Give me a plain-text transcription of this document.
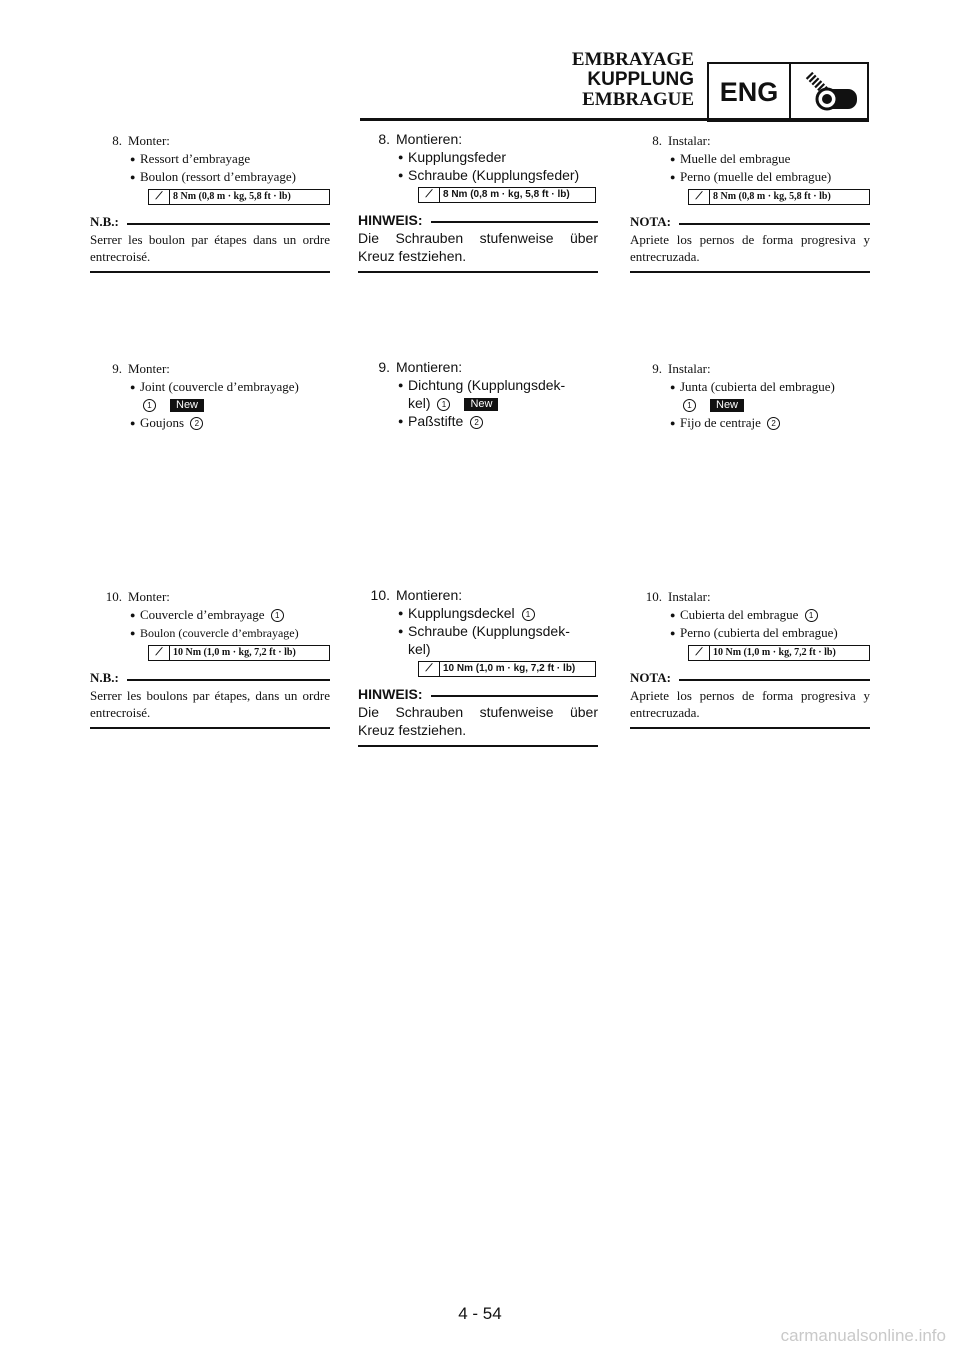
EMBRAYAGE
KUPPLUNG
EMBRAGUE ENG
8. Monter:
● Ressort d’embrayage
● Boulon (ressort d’embrayage)
⟋	8 Nm (0,8 m · kg, 5,8 ft · lb)
N.B.:
Serrer les boulon par étapes dans un ordre entrecroisé.
9. Monter:
● Joint (couvercle d’embrayage)
1 New
● Goujons 2
10. Monter:
● Couvercle d’embrayage 1
● Boulon (couvercle d’embrayage)
⟋	10 Nm (1,0 m · kg, 7,2 ft · lb)
N.B.:
Serrer les boulons par étapes, dans un ordre entrecroisé.
8. Montieren:
● Kupplungsfeder
● Schraube (Kupplungsfeder)
⟋	8 Nm (0,8 m · kg, 5,8 ft · lb)
HINWEIS:
Die Schrauben stufenweise über Kreuz festziehen.
9. Montieren:
● Dichtung (Kupplungsdek-
kel) 1 New
● Paßstifte 2
10. Montieren:
● Kupplungsdeckel 1
● Schraube (Kupplungsdek-
kel)
⟋	10 Nm (1,0 m · kg, 7,2 ft · lb)
HINWEIS:
Die Schrauben stufenweise über Kreuz festziehen.
8. Instalar:
● Muelle del embrague
● Perno (muelle del embrague)
⟋	8 Nm (0,8 m · kg, 5,8 ft · lb)
NOTA:
Apriete los pernos de forma progresiva y entrecruzada.
9. Instalar:
● Junta (cubierta del embrague)
1 New
● Fijo de centraje 2
10. Instalar:
● Cubierta del embrague 1
● Perno (cubierta del embrague)
⟋	10 Nm (1,0 m · kg, 7,2 ft · lb)
NOTA:
Apriete los pernos de forma progresiva y entrecruzada.
4 - 54
carmanualsonline.info
